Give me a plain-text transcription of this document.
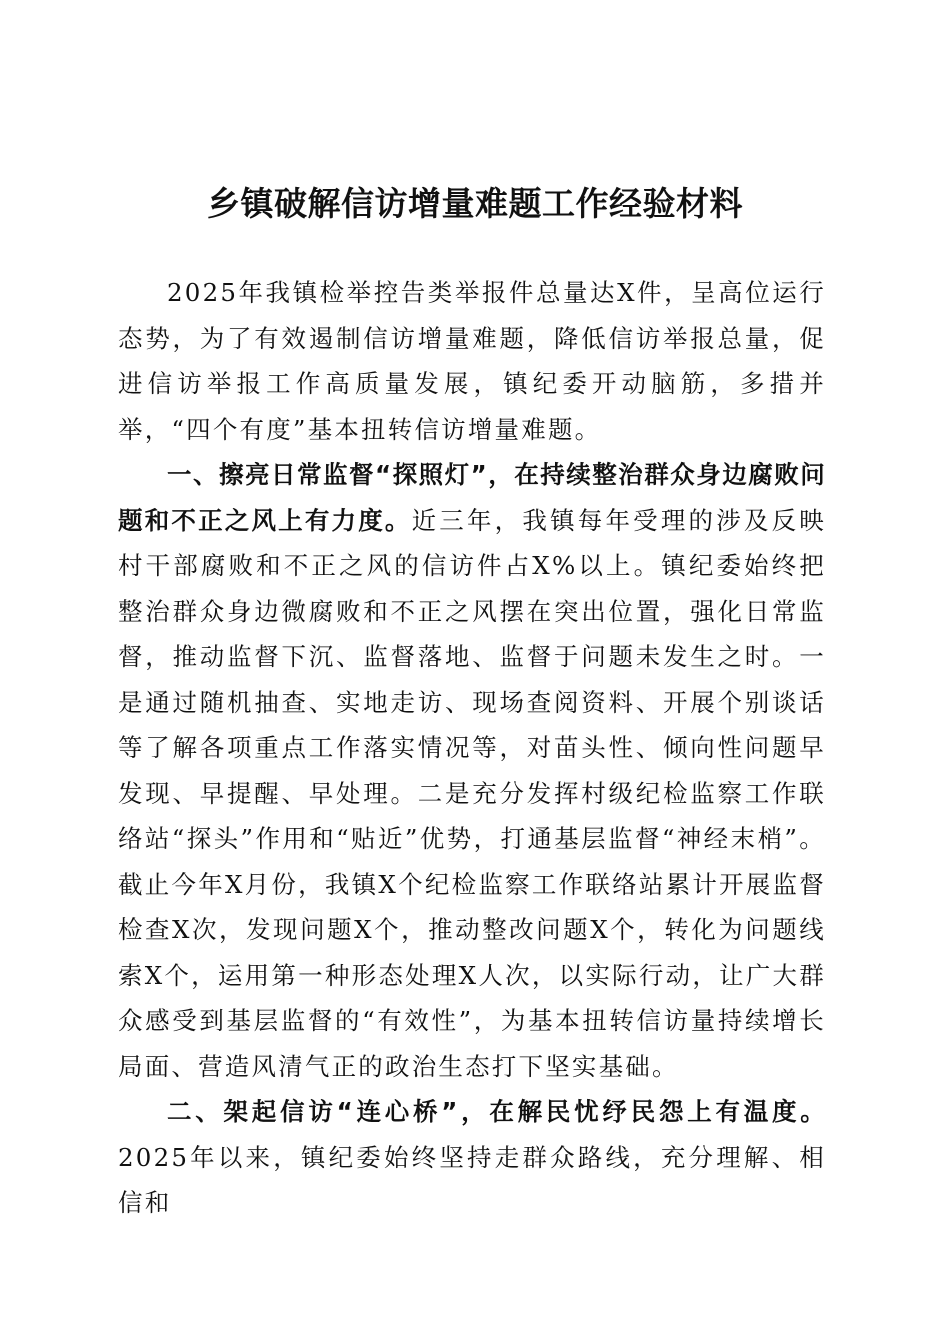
乡镇破解信访增量难题工作经验材料

2025年我镇检举控告类举报件总量达X件，呈高位运行态势，为了有效遏制信访增量难题，降低信访举报总量，促进信访举报工作高质量发展，镇纪委开动脑筋，多措并举，“四个有度”基本扭转信访增量难题。

一、擦亮日常监督“探照灯”，在持续整治群众身边腐败问题和不正之风上有力度。近三年，我镇每年受理的涉及反映村干部腐败和不正之风的信访件占X%以上。镇纪委始终把整治群众身边微腐败和不正之风摆在突出位置，强化日常监督，推动监督下沉、监督落地、监督于问题未发生之时。一是通过随机抽查、实地走访、现场查阅资料、开展个别谈话等了解各项重点工作落实情况等，对苗头性、倾向性问题早发现、早提醒、早处理。二是充分发挥村级纪检监察工作联络站“探头”作用和“贴近”优势，打通基层监督“神经末梢”。截止今年X月份，我镇X个纪检监察工作联络站累计开展监督检查X次，发现问题X个，推动整改问题X个，转化为问题线索X个，运用第一种形态处理X人次，以实际行动，让广大群众感受到基层监督的“有效性”，为基本扭转信访量持续增长局面、营造风清气正的政治生态打下坚实基础。

二、架起信访“连心桥”，在解民忧纾民怨上有温度。2025年以来，镇纪委始终坚持走群众路线，充分理解、相信和
